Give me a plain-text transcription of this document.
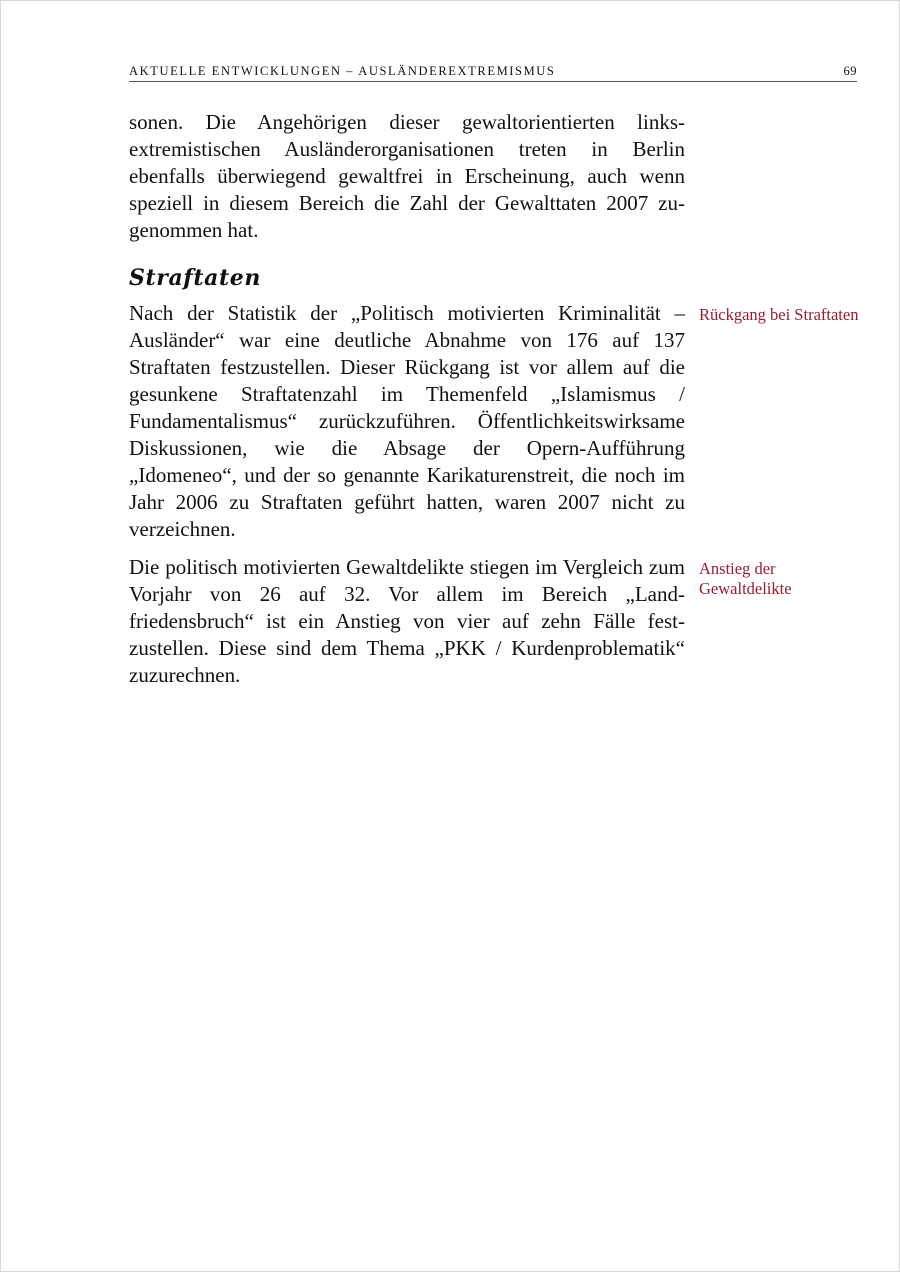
AKTUELLE ENTWICKLUNGEN – AUSLÄNDEREXTREMISMUS	69

sonen. Die Angehörigen dieser gewaltorientierten linksextremistischen Ausländerorganisationen treten in Berlin ebenfalls überwiegend gewaltfrei in Erscheinung, auch wenn speziell in diesem Bereich die Zahl der Gewalttaten 2007 zugenommen hat.

Straftaten

Nach der Statistik der „Politisch motivierten Kriminalität – Ausländer“ war eine deutliche Abnahme von 176 auf 137 Straftaten festzustellen. Dieser Rückgang ist vor allem auf die gesunkene Straftatenzahl im Themenfeld „Islamismus / Fundamentalismus“ zurückzuführen. Öffentlichkeitswirksame Diskussionen, wie die Absage der Opern-Aufführung „Idomeneo“, und der so genannte Karikaturenstreit, die noch im Jahr 2006 zu Straftaten geführt hatten, waren 2007 nicht zu verzeichnen.

Rückgang bei Straftaten

Die politisch motivierten Gewaltdelikte stiegen im Vergleich zum Vorjahr von 26 auf 32. Vor allem im Bereich „Landfriedensbruch“ ist ein Anstieg von vier auf zehn Fälle festzustellen. Diese sind dem Thema „PKK / Kurdenproblematik“ zuzurechnen.

Anstieg der Gewaltdelikte
